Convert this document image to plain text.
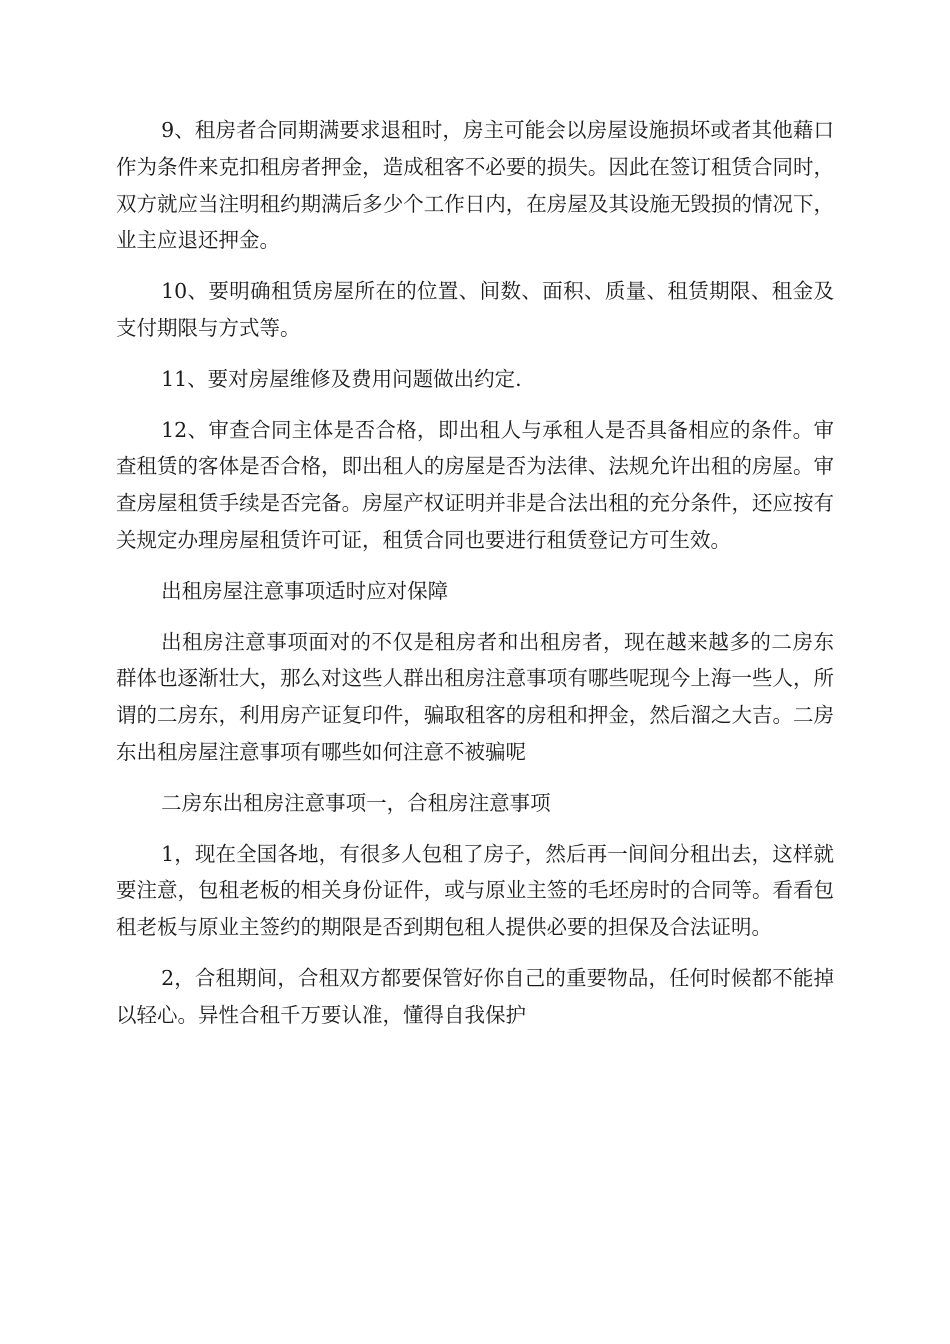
9、租房者合同期满要求退租时，房主可能会以房屋设施损坏或者其他藉口作为条件来克扣租房者押金，造成租客不必要的损失。因此在签订租赁合同时，双方就应当注明租约期满后多少个工作日内，在房屋及其设施无毁损的情况下，业主应退还押金。

10、要明确租赁房屋所在的位置、间数、面积、质量、租赁期限、租金及支付期限与方式等。

11、要对房屋维修及费用问题做出约定.

12、审查合同主体是否合格，即出租人与承租人是否具备相应的条件。审查租赁的客体是否合格，即出租人的房屋是否为法律、法规允许出租的房屋。审查房屋租赁手续是否完备。房屋产权证明并非是合法出租的充分条件，还应按有关规定办理房屋租赁许可证，租赁合同也要进行租赁登记方可生效。

出租房屋注意事项适时应对保障

出租房注意事项面对的不仅是租房者和出租房者，现在越来越多的二房东群体也逐渐壮大，那么对这些人群出租房注意事项有哪些呢现今上海一些人，所谓的二房东，利用房产证复印件，骗取租客的房租和押金，然后溜之大吉。二房东出租房屋注意事项有哪些如何注意不被骗呢

二房东出租房注意事项一，合租房注意事项

1，现在全国各地，有很多人包租了房子，然后再一间间分租出去，这样就要注意，包租老板的相关身份证件，或与原业主签的毛坯房时的合同等。看看包租老板与原业主签约的期限是否到期包租人提供必要的担保及合法证明。

2，合租期间，合租双方都要保管好你自己的重要物品，任何时候都不能掉以轻心。异性合租千万要认准，懂得自我保护
